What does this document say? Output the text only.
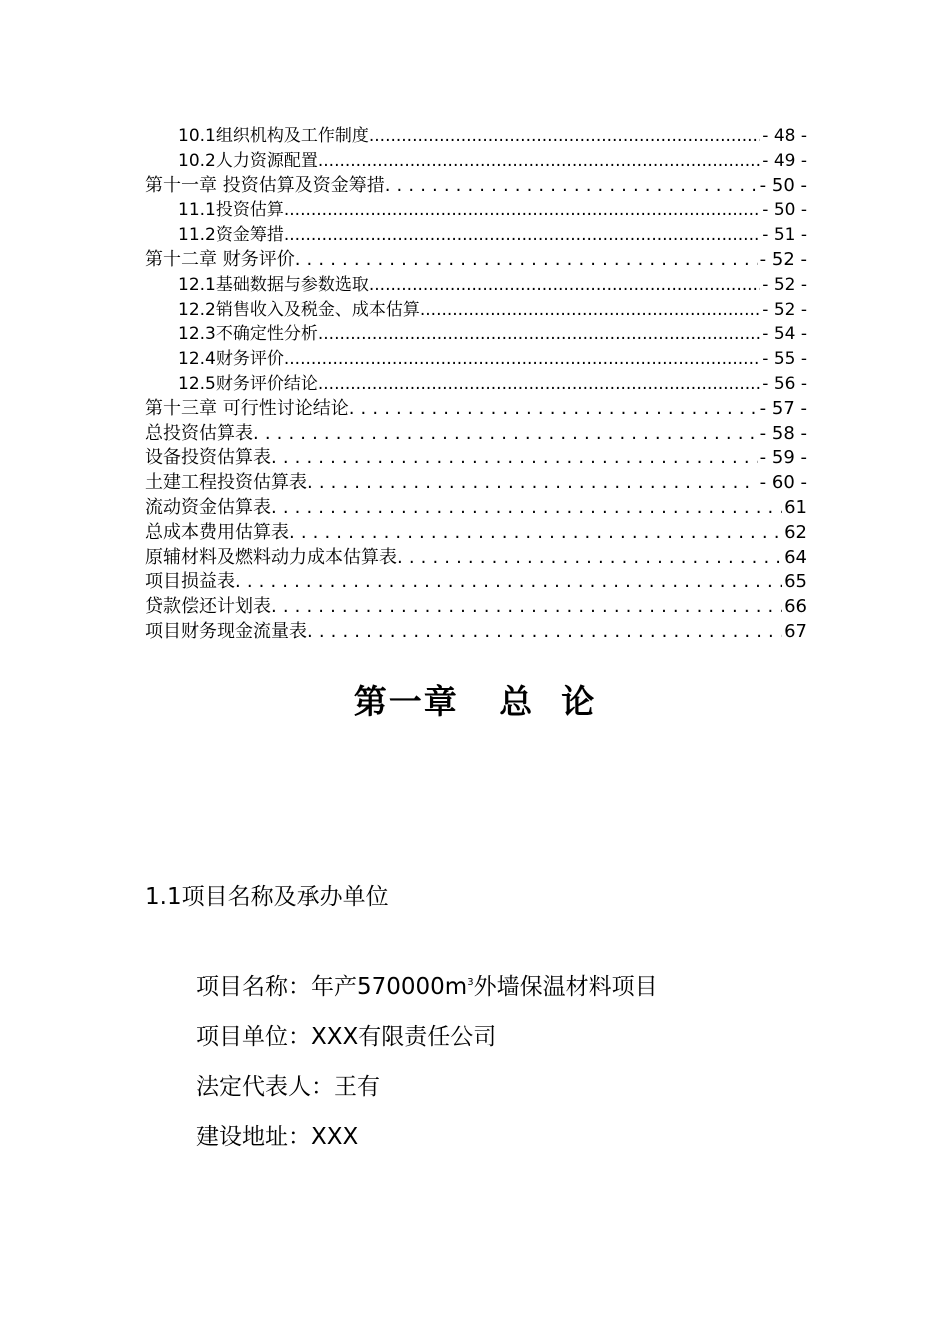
10.1组织机构及工作制度 .....	- 48 -
10.2人力资源配置 .....	- 49 -
第十一章 投资估算及资金筹措 .....	- 50 -
11.1投资估算 .....	- 50 -
11.2资金筹措 .....	- 51 -
第十二章 财务评价 .....	- 52 -
12.1基础数据与参数选取 .....	- 52 -
12.2销售收入及税金、成本估算 .....	- 52 -
12.3不确定性分析 .....	- 54 -
12.4财务评价 .....	- 55 -
12.5财务评价结论 .....	- 56 -
第十三章 可行性讨论结论 .....	- 57 -
总投资估算表 .....	- 58 -
设备投资估算表 .....	- 59 -
土建工程投资估算表 .....	- 60 -
流动资金估算表 .....	61
总成本费用估算表 .....	62
原辅材料及燃料动力成本估算表 .....	64
项目损益表 .....	65
贷款偿还计划表 .....	66
项目财务现金流量表 .....	67
第一章   总  论
1.1项目名称及承办单位
项目名称：年产$570000m^3$外墙保温材料项目
项目单位：XXX有限责任公司
法定代表人：王有
建设地址：XXX
